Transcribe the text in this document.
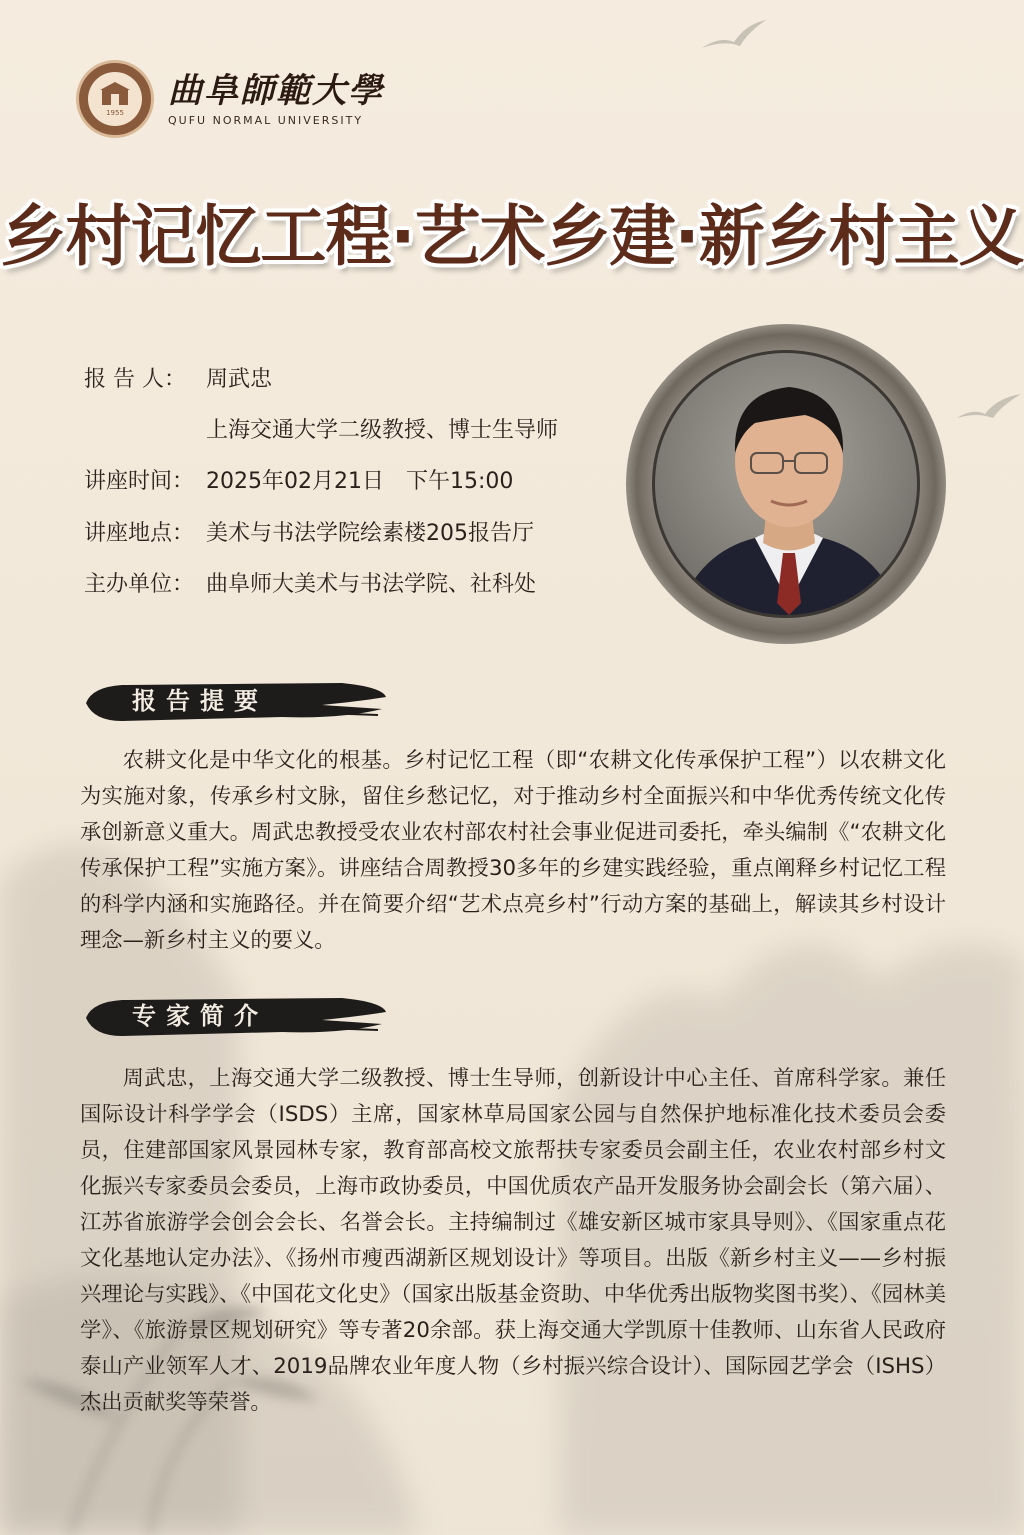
1955
曲阜師範大學
QUFU NORMAL UNIVERSITY
乡村记忆工程·艺术乡建·新乡村主义
报 告 人： 周武忠
上海交通大学二级教授、博士生导师
讲座时间： 2025年02月21日　下午15:00
讲座地点： 美术与书法学院绘素楼205报告厅
主办单位： 曲阜师大美术与书法学院、社科处
报告提要

农耕文化是中华文化的根基。乡村记忆工程（即“农耕文化传承保护工程”）以农耕文化为实施对象，传承乡村文脉，留住乡愁记忆，对于推动乡村全面振兴和中华优秀传统文化传承创新意义重大。周武忠教授受农业农村部农村社会事业促进司委托，牵头编制《“农耕文化传承保护工程”实施方案》。讲座结合周教授30多年的乡建实践经验，重点阐释乡村记忆工程的科学内涵和实施路径。并在简要介绍“艺术点亮乡村”行动方案的基础上，解读其乡村设计理念—新乡村主义的要义。

专家简介

周武忠，上海交通大学二级教授、博士生导师，创新设计中心主任、首席科学家。兼任国际设计科学学会（ISDS）主席，国家林草局国家公园与自然保护地标准化技术委员会委员，住建部国家风景园林专家，教育部高校文旅帮扶专家委员会副主任，农业农村部乡村文化振兴专家委员会委员，上海市政协委员，中国优质农产品开发服务协会副会长（第六届）、江苏省旅游学会创会会长、名誉会长。主持编制过《雄安新区城市家具导则》、《国家重点花文化基地认定办法》、《扬州市瘦西湖新区规划设计》等项目。出版《新乡村主义——乡村振兴理论与实践》、《中国花文化史》（国家出版基金资助、中华优秀出版物奖图书奖）、《园林美学》、《旅游景区规划研究》等专著20余部。获上海交通大学凯原十佳教师、山东省人民政府泰山产业领军人才、2019品牌农业年度人物（乡村振兴综合设计）、国际园艺学会（ISHS）杰出贡献奖等荣誉。
